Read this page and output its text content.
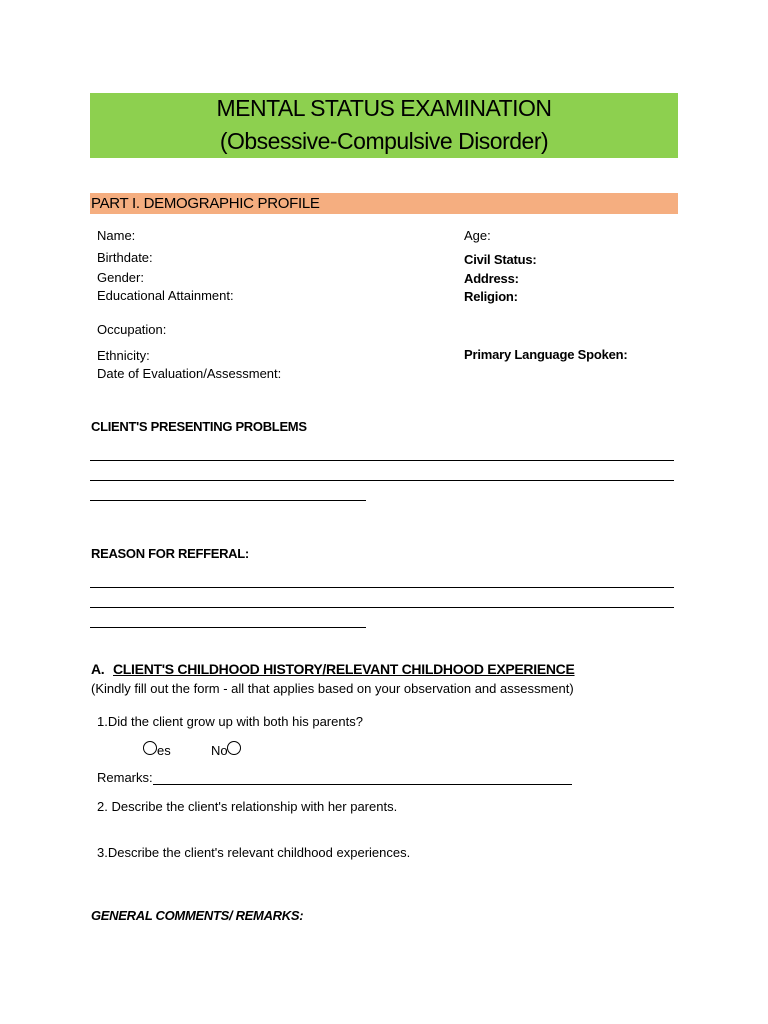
MENTAL STATUS EXAMINATION
(Obsessive-Compulsive Disorder)
PART I. DEMOGRAPHIC PROFILE
Name:
Birthdate:
Gender:
Educational Attainment:
Occupation:
Ethnicity:
Date of Evaluation/Assessment:
Age:
Civil Status:
Address:
Religion:
Primary Language Spoken:
CLIENT'S PRESENTING PROBLEMS
REASON FOR REFFERAL:
A. CLIENT'S CHILDHOOD HISTORY/RELEVANT CHILDHOOD EXPERIENCE
(Kindly fill out the form - all that applies based on your observation and assessment)
1.Did the client grow up with both his parents?
es	No
Remarks:
2. Describe the client's relationship with her parents.
3.Describe the client's relevant childhood experiences.
GENERAL COMMENTS/ REMARKS:
